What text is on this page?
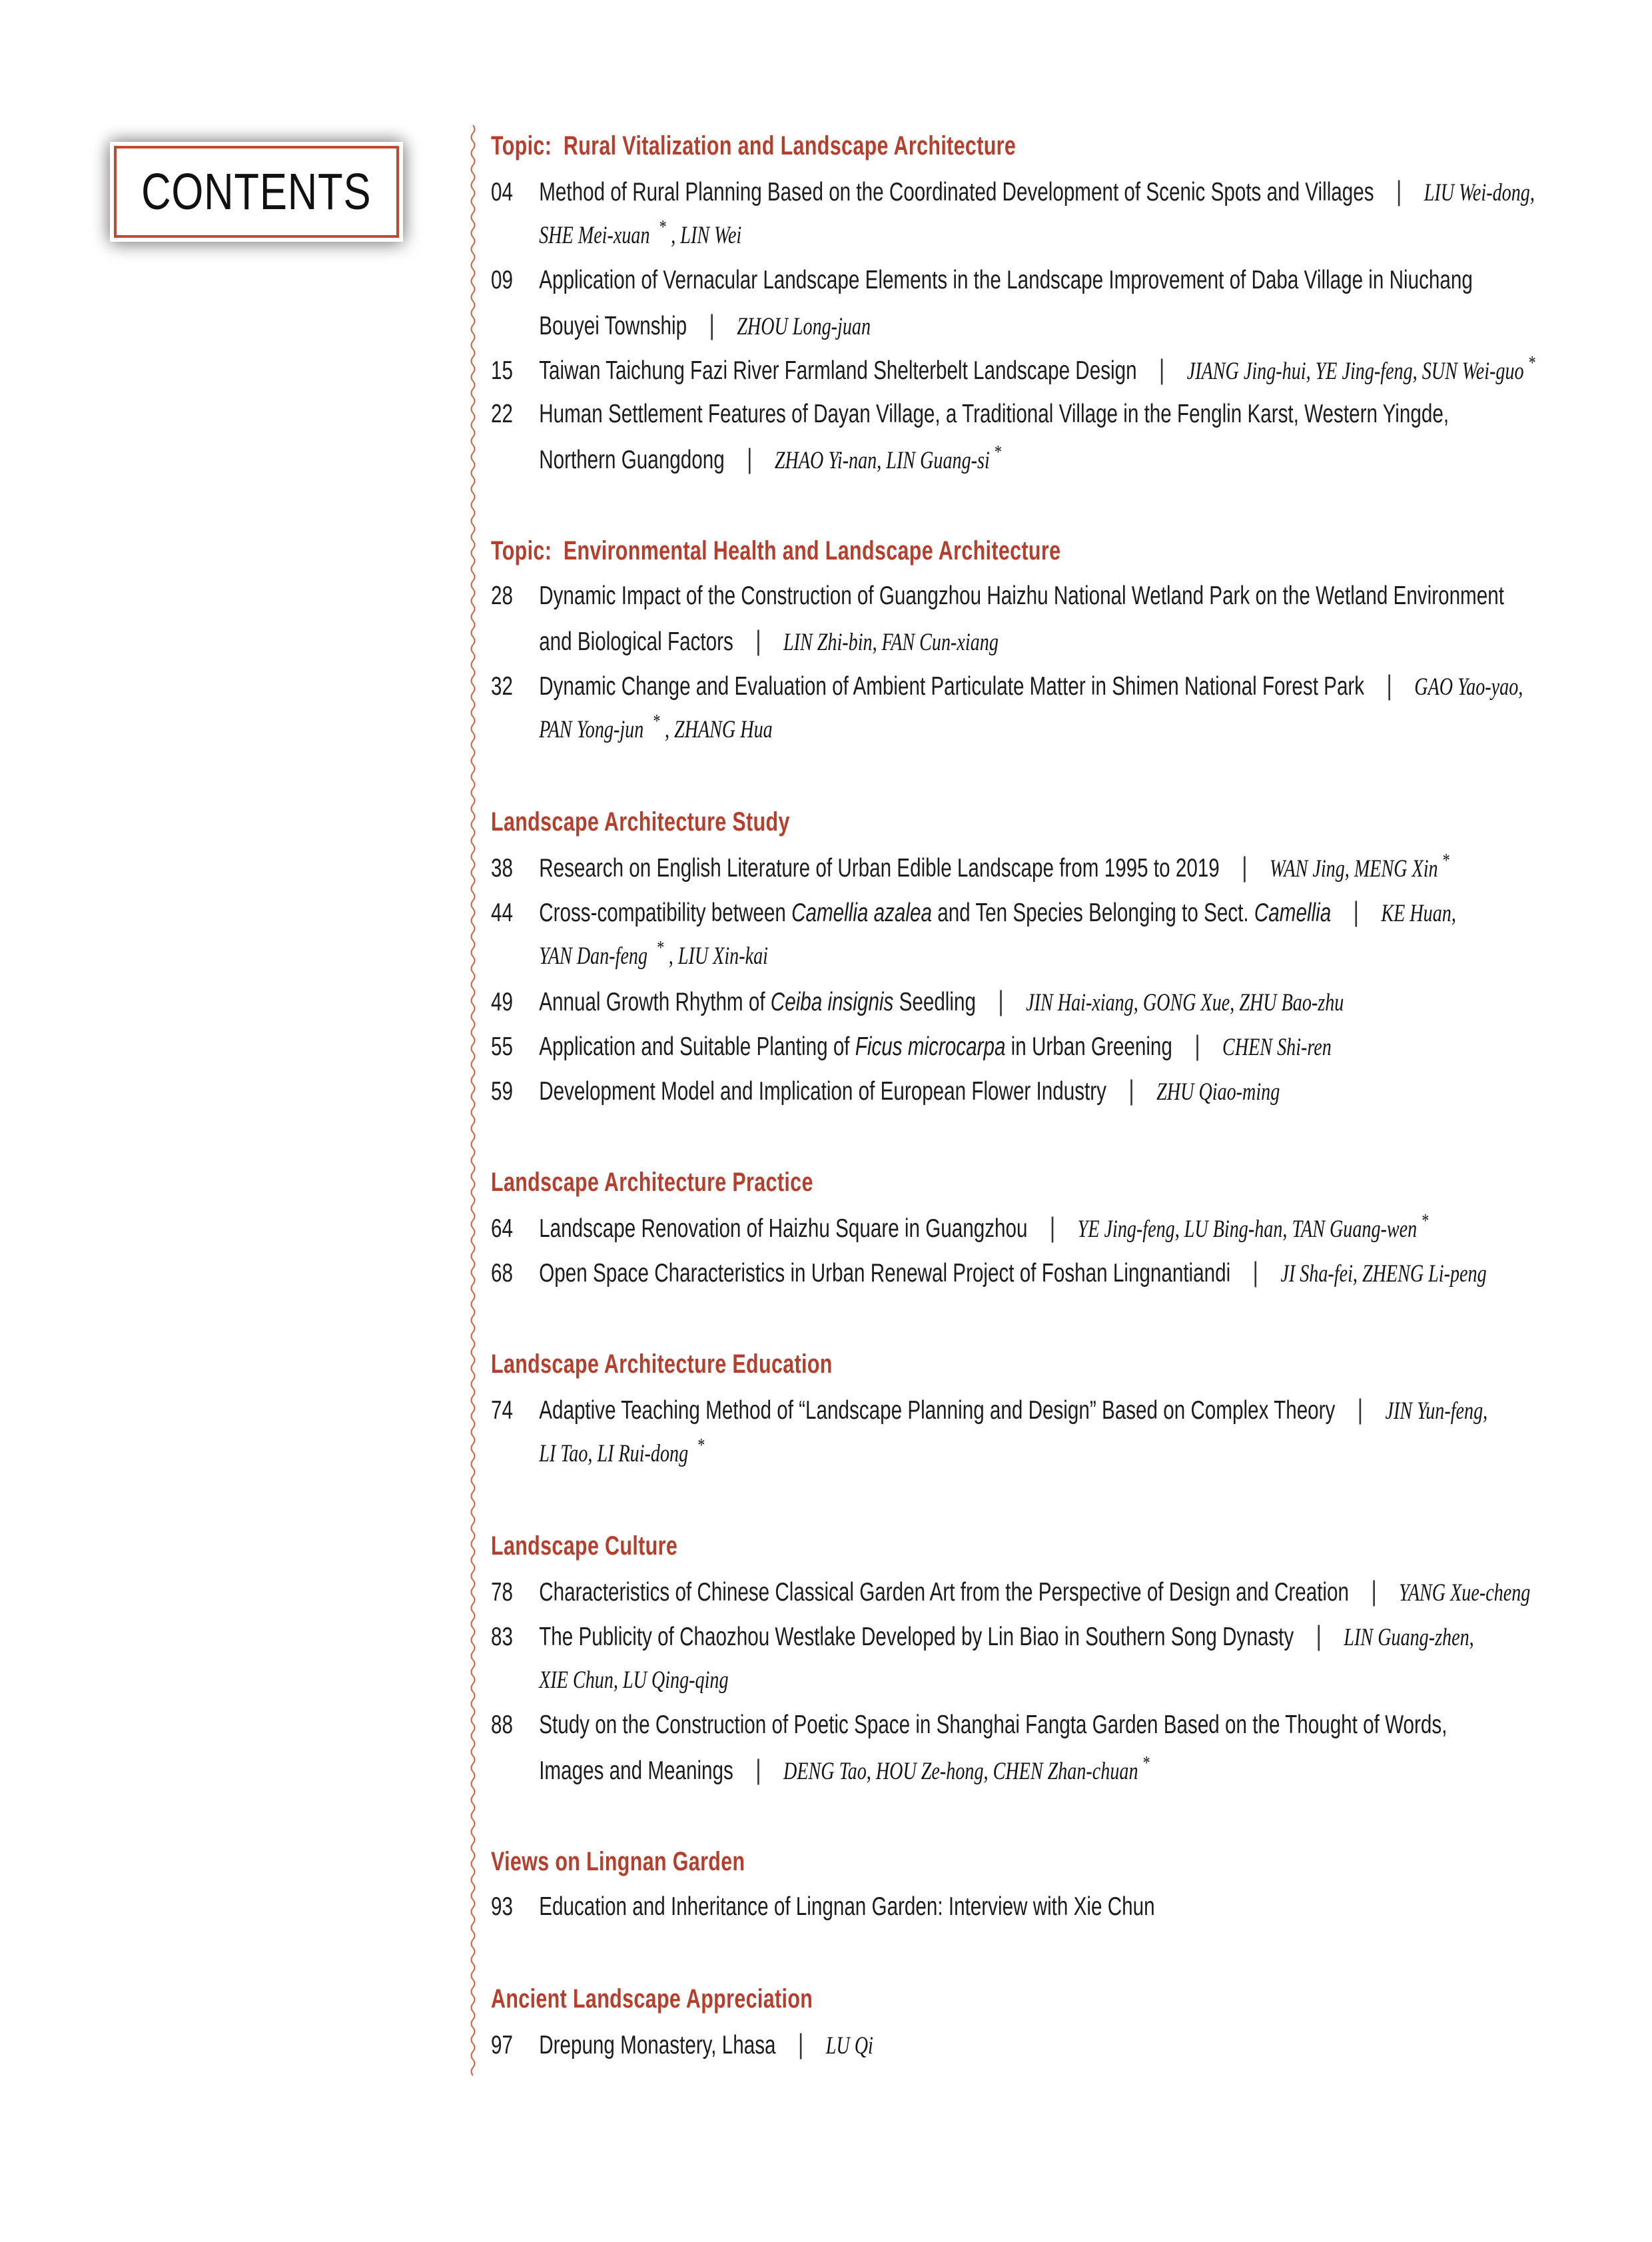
CONTENTS
Topic:  Rural Vitalization and Landscape Architecture
04 Method of Rural Planning Based on the Coordinated Development of Scenic Spots and Villages | LIU Wei-dong,
SHE Mei-xuan * , LIN Wei
09 Application of Vernacular Landscape Elements in the Landscape Improvement of Daba Village in Niuchang
Bouyei Township | ZHOU Long-juan
15 Taiwan Taichung Fazi River Farmland Shelterbelt Landscape Design | JIANG Jing-hui, YE Jing-feng, SUN Wei-guo *
22 Human Settlement Features of Dayan Village, a Traditional Village in the Fenglin Karst, Western Yingde,
Northern Guangdong | ZHAO Yi-nan, LIN Guang-si *
Topic:  Environmental Health and Landscape Architecture
28 Dynamic Impact of the Construction of Guangzhou Haizhu National Wetland Park on the Wetland Environment
and Biological Factors | LIN Zhi-bin, FAN Cun-xiang
32 Dynamic Change and Evaluation of Ambient Particulate Matter in Shimen National Forest Park | GAO Yao-yao,
PAN Yong-jun * , ZHANG Hua
Landscape Architecture Study
38 Research on English Literature of Urban Edible Landscape from 1995 to 2019 | WAN Jing, MENG Xin *
44 Cross-compatibility between Camellia azalea and Ten Species Belonging to Sect. Camellia | KE Huan,
YAN Dan-feng * , LIU Xin-kai
49 Annual Growth Rhythm of Ceiba insignis Seedling | JIN Hai-xiang, GONG Xue, ZHU Bao-zhu
55 Application and Suitable Planting of Ficus microcarpa in Urban Greening | CHEN Shi-ren
59 Development Model and Implication of European Flower Industry | ZHU Qiao-ming
Landscape Architecture Practice
64 Landscape Renovation of Haizhu Square in Guangzhou | YE Jing-feng, LU Bing-han, TAN Guang-wen *
68 Open Space Characteristics in Urban Renewal Project of Foshan Lingnantiandi | JI Sha-fei, ZHENG Li-peng
Landscape Architecture Education
74 Adaptive Teaching Method of “Landscape Planning and Design” Based on Complex Theory | JIN Yun-feng,
LI Tao, LI Rui-dong *
Landscape Culture
78 Characteristics of Chinese Classical Garden Art from the Perspective of Design and Creation | YANG Xue-cheng
83 The Publicity of Chaozhou Westlake Developed by Lin Biao in Southern Song Dynasty | LIN Guang-zhen,
XIE Chun, LU Qing-qing
88 Study on the Construction of Poetic Space in Shanghai Fangta Garden Based on the Thought of Words,
Images and Meanings | DENG Tao, HOU Ze-hong, CHEN Zhan-chuan *
Views on Lingnan Garden
93 Education and Inheritance of Lingnan Garden: Interview with Xie Chun
Ancient Landscape Appreciation
97 Drepung Monastery, Lhasa | LU Qi
